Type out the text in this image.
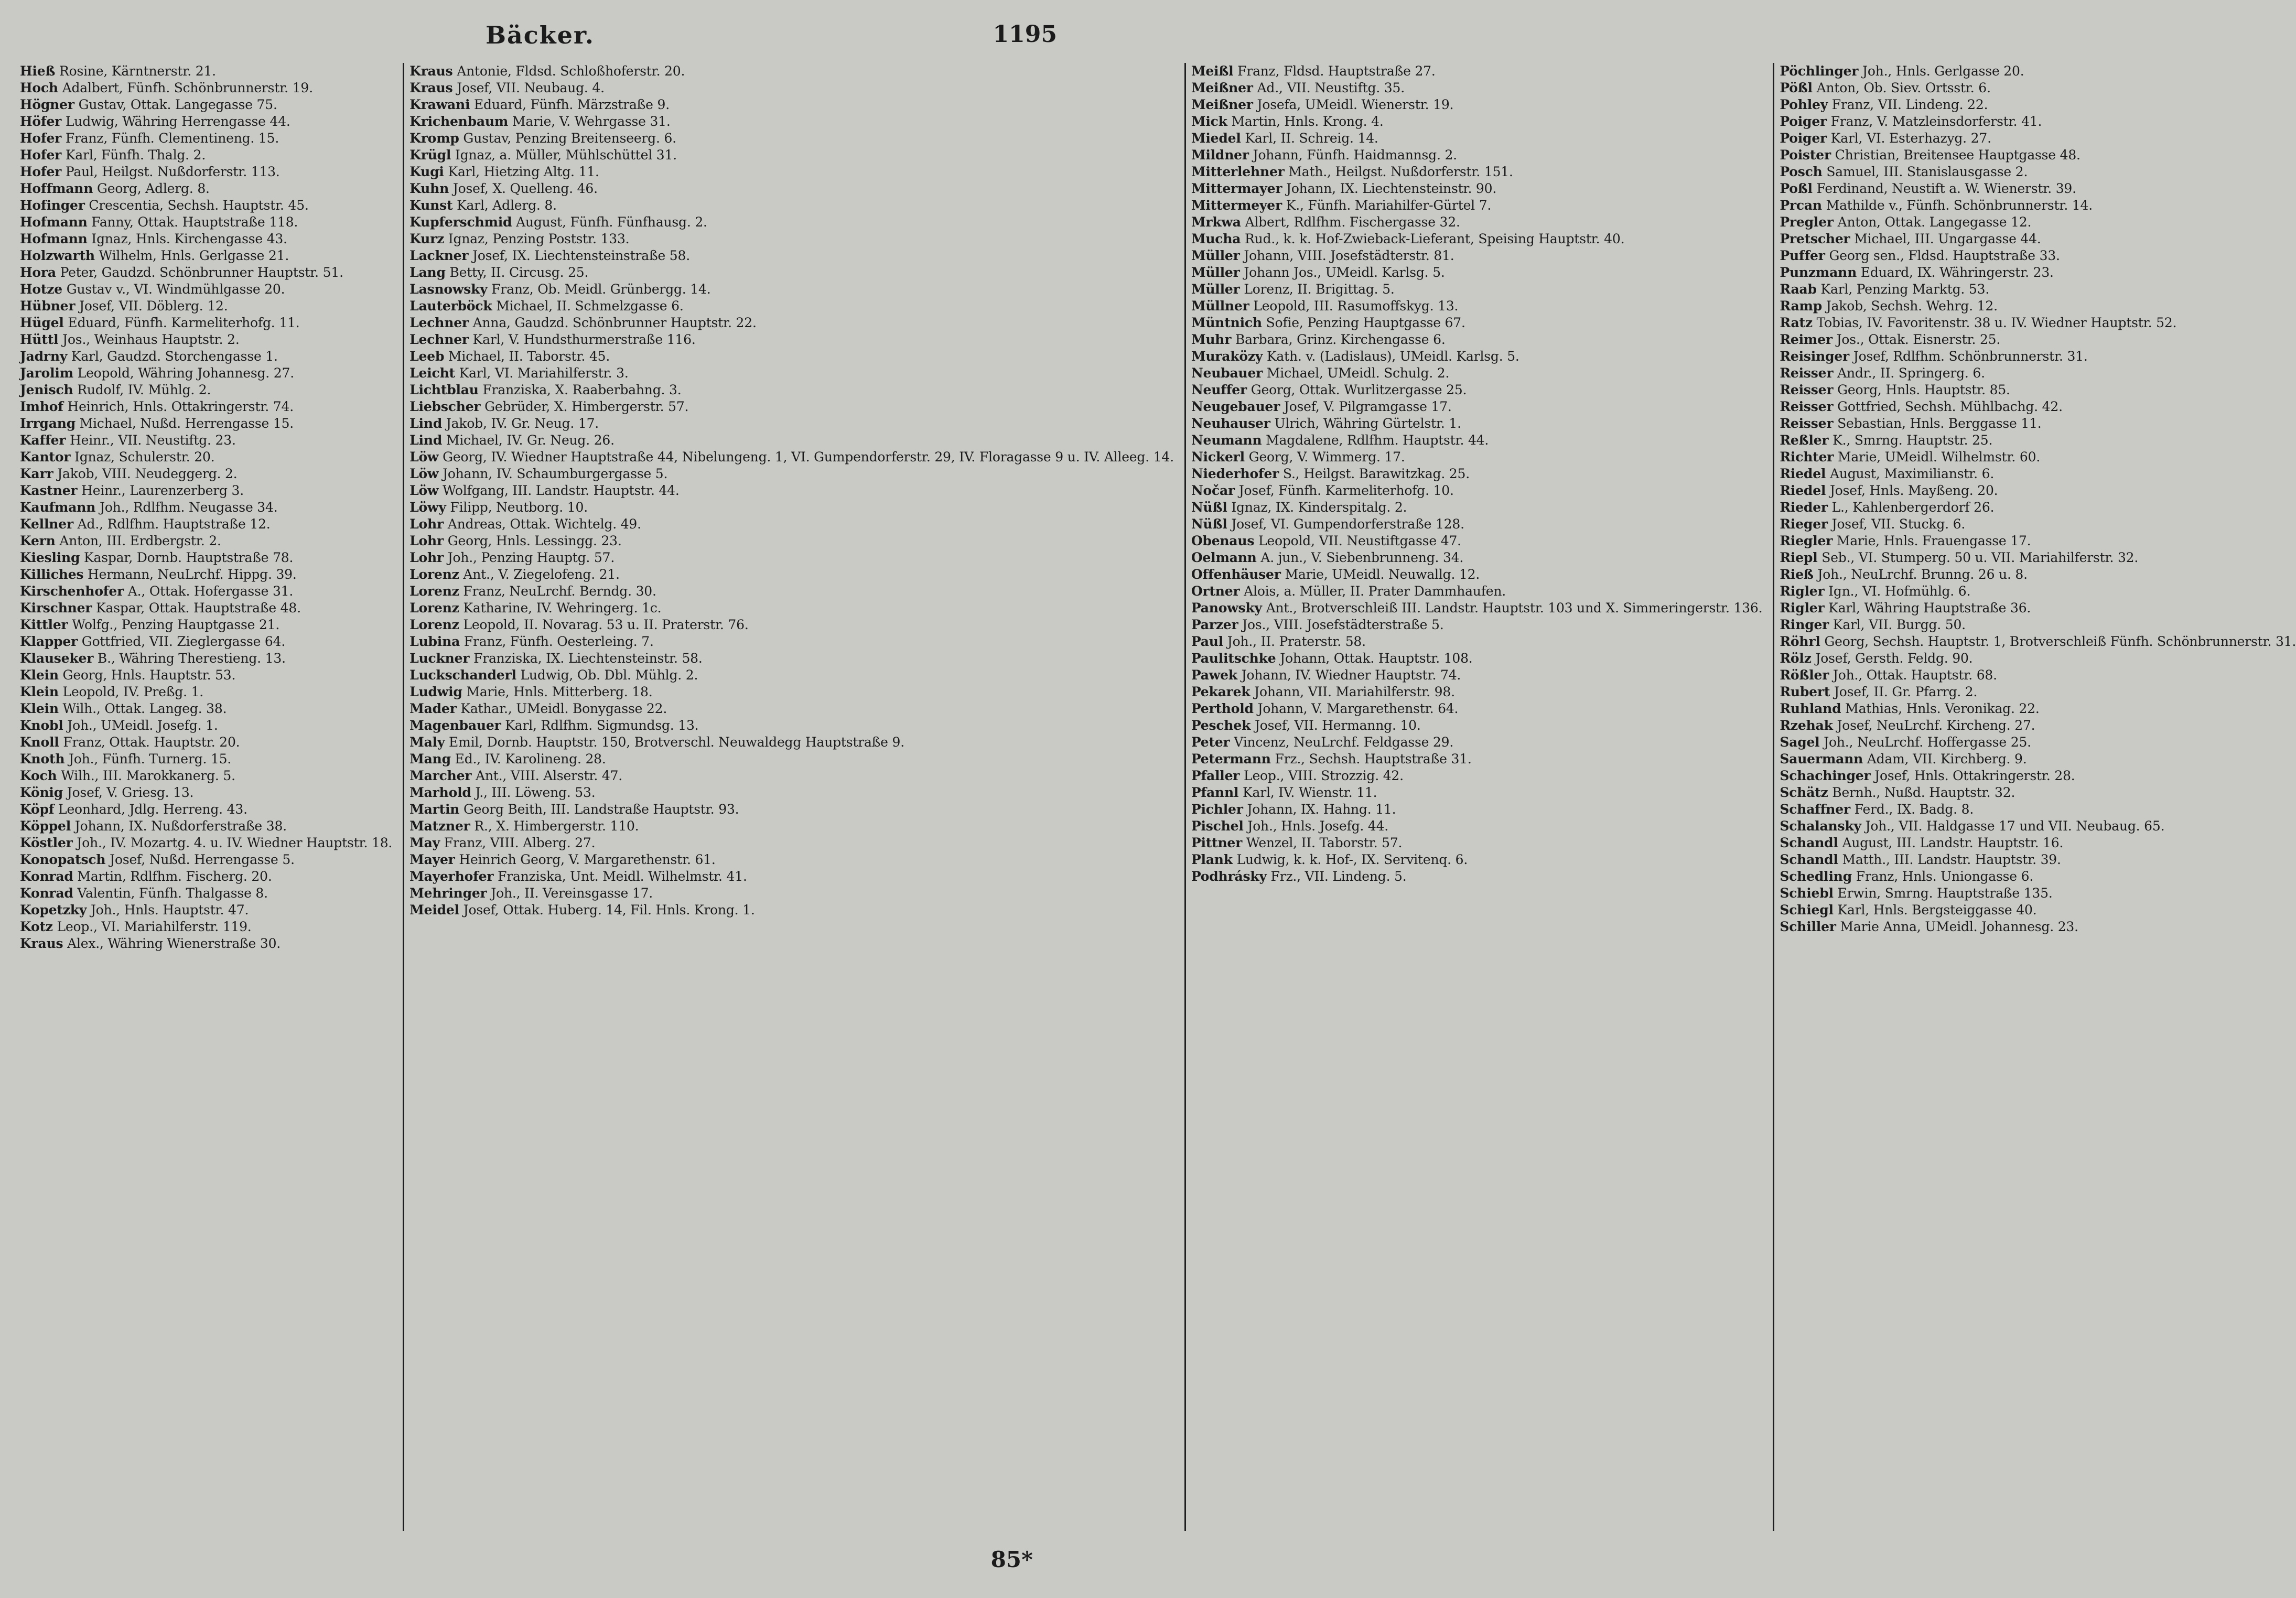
Bäcker.	1195
Hieß Rosine, Kärntnerstr. 21.
Hoch Adalbert, Fünfh. Schönbrunnerstr. 19.
Högner Gustav, Ottak. Langegasse 75.
Höfer Ludwig, Währing Herrengasse 44.
Hofer Franz, Fünfh. Clementineng. 15.
Hofer Karl, Fünfh. Thalg. 2.
Hofer Paul, Heilgst. Nußdorferstr. 113.
Hoffmann Georg, Adlerg. 8.
Hofinger Crescentia, Sechsh. Hauptstr. 45.
Hofmann Fanny, Ottak. Hauptstraße 118.
Hofmann Ignaz, Hnls. Kirchengasse 43.
Holzwarth Wilhelm, Hnls. Gerlgasse 21.
Hora Peter, Gaudzd. Schönbrunner Hauptstr. 51.
Hotze Gustav v., VI. Windmühlgasse 20.
Hübner Josef, VII. Döblerg. 12.
Hügel Eduard, Fünfh. Karmeliterhofg. 11.
Hüttl Jos., Weinhaus Hauptstr. 2.
Jadrny Karl, Gaudzd. Storchengasse 1.
Jarolim Leopold, Währing Johannesg. 27.
Jenisch Rudolf, IV. Mühlg. 2.
Imhof Heinrich, Hnls. Ottakringerstr. 74.
Irrgang Michael, Nußd. Herrengasse 15.
Kaffer Heinr., VII. Neustiftg. 23.
Kantor Ignaz, Schulerstr. 20.
Karr Jakob, VIII. Neudeggerg. 2.
Kastner Heinr., Laurenzerberg 3.
Kaufmann Joh., Rdlfhm. Neugasse 34.
Kellner Ad., Rdlfhm. Hauptstraße 12.
Kern Anton, III. Erdbergstr. 2.
Kiesling Kaspar, Dornb. Hauptstraße 78.
Killiches Hermann, NeuLrchf. Hippg. 39.
Kirschenhofer A., Ottak. Hofergasse 31.
Kirschner Kaspar, Ottak. Hauptstraße 48.
Kittler Wolfg., Penzing Hauptgasse 21.
Klapper Gottfried, VII. Zieglergasse 64.
Klauseker B., Währing Therestieng. 13.
Klein Georg, Hnls. Hauptstr. 53.
Klein Leopold, IV. Preßg. 1.
Klein Wilh., Ottak. Langeg. 38.
Knobl Joh., UMeidl. Josefg. 1.
Knoll Franz, Ottak. Hauptstr. 20.
Knoth Joh., Fünfh. Turnerg. 15.
Koch Wilh., III. Marokkanerg. 5.
König Josef, V. Griesg. 13.
Köpf Leonhard, Jdlg. Herreng. 43.
Köppel Johann, IX. Nußdorferstraße 38.
Köstler Joh., IV. Mozartg. 4. u. IV. Wiedner Hauptstr. 18.
Konopatsch Josef, Nußd. Herrengasse 5.
Konrad Martin, Rdlfhm. Fischerg. 20.
Konrad Valentin, Fünfh. Thalgasse 8.
Kopetzky Joh., Hnls. Hauptstr. 47.
Kotz Leop., VI. Mariahilferstr. 119.
Kraus Alex., Währing Wienerstraße 30.
Kraus Antonie, Fldsd. Schloßhoferstr. 20.
Kraus Josef, VII. Neubaug. 4.
Krawani Eduard, Fünfh. Märzstraße 9.
Krichenbaum Marie, V. Wehrgasse 31.
Kromp Gustav, Penzing Breitenseerg. 6.
Krügl Ignaz, a. Müller, Mühlschüttel 31.
Kugi Karl, Hietzing Altg. 11.
Kuhn Josef, X. Quelleng. 46.
Kunst Karl, Adlerg. 8.
Kupferschmid August, Fünfh. Fünfhausg. 2.
Kurz Ignaz, Penzing Poststr. 133.
Lackner Josef, IX. Liechtensteinstraße 58.
Lang Betty, II. Circusg. 25.
Lasnowsky Franz, Ob. Meidl. Grünbergg. 14.
Lauterböck Michael, II. Schmelzgasse 6.
Lechner Anna, Gaudzd. Schönbrunner Hauptstr. 22.
Lechner Karl, V. Hundsthurmerstraße 116.
Leeb Michael, II. Taborstr. 45.
Leicht Karl, VI. Mariahilferstr. 3.
Lichtblau Franziska, X. Raaberbahng. 3.
Liebscher Gebrüder, X. Himbergerstr. 57.
Lind Jakob, IV. Gr. Neug. 17.
Lind Michael, IV. Gr. Neug. 26.
Löw Georg, IV. Wiedner Hauptstraße 44, Nibelungeng. 1, VI. Gumpendorferstr. 29, IV. Floragasse 9 u. IV. Alleeg. 14.
Löw Johann, IV. Schaumburgergasse 5.
Löw Wolfgang, III. Landstr. Hauptstr. 44.
Löwy Filipp, Neutborg. 10.
Lohr Andreas, Ottak. Wichtelg. 49.
Lohr Georg, Hnls. Lessingg. 23.
Lohr Joh., Penzing Hauptg. 57.
Lorenz Ant., V. Ziegelofeng. 21.
Lorenz Franz, NeuLrchf. Berndg. 30.
Lorenz Katharine, IV. Wehringerg. 1c.
Lorenz Leopold, II. Novarag. 53 u. II. Praterstr. 76.
Lubina Franz, Fünfh. Oesterleing. 7.
Luckner Franziska, IX. Liechtensteinstr. 58.
Luckschanderl Ludwig, Ob. Dbl. Mühlg. 2.
Ludwig Marie, Hnls. Mitterberg. 18.
Mader Kathar., UMeidl. Bonygasse 22.
Magenbauer Karl, Rdlfhm. Sigmundsg. 13.
Maly Emil, Dornb. Hauptstr. 150, Brotverschl. Neuwaldegg Hauptstraße 9.
Mang Ed., IV. Karolineng. 28.
Marcher Ant., VIII. Alserstr. 47.
Marhold J., III. Löweng. 53.
Martin Georg Beith, III. Landstraße Hauptstr. 93.
Matzner R., X. Himbergerstr. 110.
May Franz, VIII. Alberg. 27.
Mayer Heinrich Georg, V. Margarethenstr. 61.
Mayerhofer Franziska, Unt. Meidl. Wilhelmstr. 41.
Mehringer Joh., II. Vereinsgasse 17.
Meidel Josef, Ottak. Huberg. 14, Fil. Hnls. Krong. 1.
Meißl Franz, Fldsd. Hauptstraße 27.
Meißner Ad., VII. Neustiftg. 35.
Meißner Josefa, UMeidl. Wienerstr. 19.
Mick Martin, Hnls. Krong. 4.
Miedel Karl, II. Schreig. 14.
Mildner Johann, Fünfh. Haidmannsg. 2.
Mitterlehner Math., Heilgst. Nußdorferstr. 151.
Mittermayer Johann, IX. Liechtensteinstr. 90.
Mittermeyer K., Fünfh. Mariahilfer-Gürtel 7.
Mrkwa Albert, Rdlfhm. Fischergasse 32.
Mucha Rud., k. k. Hof-Zwieback-Lieferant, Speising Hauptstr. 40.
Müller Johann, VIII. Josefstädterstr. 81.
Müller Johann Jos., UMeidl. Karlsg. 5.
Müller Lorenz, II. Brigittag. 5.
Müllner Leopold, III. Rasumoffskyg. 13.
Müntnich Sofie, Penzing Hauptgasse 67.
Muhr Barbara, Grinz. Kirchengasse 6.
Muraközy Kath. v. (Ladislaus), UMeidl. Karlsg. 5.
Neubauer Michael, UMeidl. Schulg. 2.
Neuffer Georg, Ottak. Wurlitzergasse 25.
Neugebauer Josef, V. Pilgramgasse 17.
Neuhauser Ulrich, Währing Gürtelstr. 1.
Neumann Magdalene, Rdlfhm. Hauptstr. 44.
Nickerl Georg, V. Wimmerg. 17.
Niederhofer S., Heilgst. Barawitzkag. 25.
Nočar Josef, Fünfh. Karmeliterhofg. 10.
Nüßl Ignaz, IX. Kinderspitalg. 2.
Nüßl Josef, VI. Gumpendorferstraße 128.
Obenaus Leopold, VII. Neustiftgasse 47.
Oelmann A. jun., V. Siebenbrunneng. 34.
Offenhäuser Marie, UMeidl. Neuwallg. 12.
Ortner Alois, a. Müller, II. Prater Dammhaufen.
Panowsky Ant., Brotverschleiß III. Landstr. Hauptstr. 103 und X. Simmeringerstr. 136.
Parzer Jos., VIII. Josefstädterstraße 5.
Paul Joh., II. Praterstr. 58.
Paulitschke Johann, Ottak. Hauptstr. 108.
Pawek Johann, IV. Wiedner Hauptstr. 74.
Pekarek Johann, VII. Mariahilferstr. 98.
Perthold Johann, V. Margarethenstr. 64.
Peschek Josef, VII. Hermanng. 10.
Peter Vincenz, NeuLrchf. Feldgasse 29.
Petermann Frz., Sechsh. Hauptstraße 31.
Pfaller Leop., VIII. Strozzig. 42.
Pfannl Karl, IV. Wienstr. 11.
Pichler Johann, IX. Hahng. 11.
Pischel Joh., Hnls. Josefg. 44.
Pittner Wenzel, II. Taborstr. 57.
Plank Ludwig, k. k. Hof-, IX. Servitenq. 6.
Podhrásky Frz., VII. Lindeng. 5.
Pöchlinger Joh., Hnls. Gerlgasse 20.
Pößl Anton, Ob. Siev. Ortsstr. 6.
Pohley Franz, VII. Lindeng. 22.
Poiger Franz, V. Matzleinsdorferstr. 41.
Poiger Karl, VI. Esterhazyg. 27.
Poister Christian, Breitensee Hauptgasse 48.
Posch Samuel, III. Stanislausgasse 2.
Poßl Ferdinand, Neustift a. W. Wienerstr. 39.
Prcan Mathilde v., Fünfh. Schönbrunnerstr. 14.
Pregler Anton, Ottak. Langegasse 12.
Pretscher Michael, III. Ungargasse 44.
Puffer Georg sen., Fldsd. Hauptstraße 33.
Punzmann Eduard, IX. Währingerstr. 23.
Raab Karl, Penzing Marktg. 53.
Ramp Jakob, Sechsh. Wehrg. 12.
Ratz Tobias, IV. Favoritenstr. 38 u. IV. Wiedner Hauptstr. 52.
Reimer Jos., Ottak. Eisnerstr. 25.
Reisinger Josef, Rdlfhm. Schönbrunnerstr. 31.
Reisser Andr., II. Springerg. 6.
Reisser Georg, Hnls. Hauptstr. 85.
Reisser Gottfried, Sechsh. Mühlbachg. 42.
Reisser Sebastian, Hnls. Berggasse 11.
Reßler K., Smrng. Hauptstr. 25.
Richter Marie, UMeidl. Wilhelmstr. 60.
Riedel August, Maximilianstr. 6.
Riedel Josef, Hnls. Mayßeng. 20.
Rieder L., Kahlenbergerdorf 26.
Rieger Josef, VII. Stuckg. 6.
Riegler Marie, Hnls. Frauengasse 17.
Riepl Seb., VI. Stumperg. 50 u. VII. Mariahilferstr. 32.
Rieß Joh., NeuLrchf. Brunng. 26 u. 8.
Rigler Ign., VI. Hofmühlg. 6.
Rigler Karl, Währing Hauptstraße 36.
Ringer Karl, VII. Burgg. 50.
Röhrl Georg, Sechsh. Hauptstr. 1, Brotverschleiß Fünfh. Schönbrunnerstr. 31.
Rölz Josef, Gersth. Feldg. 90.
Rößler Joh., Ottak. Hauptstr. 68.
Rubert Josef, II. Gr. Pfarrg. 2.
Ruhland Mathias, Hnls. Veronikag. 22.
Rzehak Josef, NeuLrchf. Kircheng. 27.
Sagel Joh., NeuLrchf. Hoffergasse 25.
Sauermann Adam, VII. Kirchberg. 9.
Schachinger Josef, Hnls. Ottakringerstr. 28.
Schätz Bernh., Nußd. Hauptstr. 32.
Schaffner Ferd., IX. Badg. 8.
Schalansky Joh., VII. Haldgasse 17 und VII. Neubaug. 65.
Schandl August, III. Landstr. Hauptstr. 16.
Schandl Matth., III. Landstr. Hauptstr. 39.
Schedling Franz, Hnls. Uniongasse 6.
Schiebl Erwin, Smrng. Hauptstraße 135.
Schiegl Karl, Hnls. Bergsteiggasse 40.
Schiller Marie Anna, UMeidl. Johannesg. 23.
85*
